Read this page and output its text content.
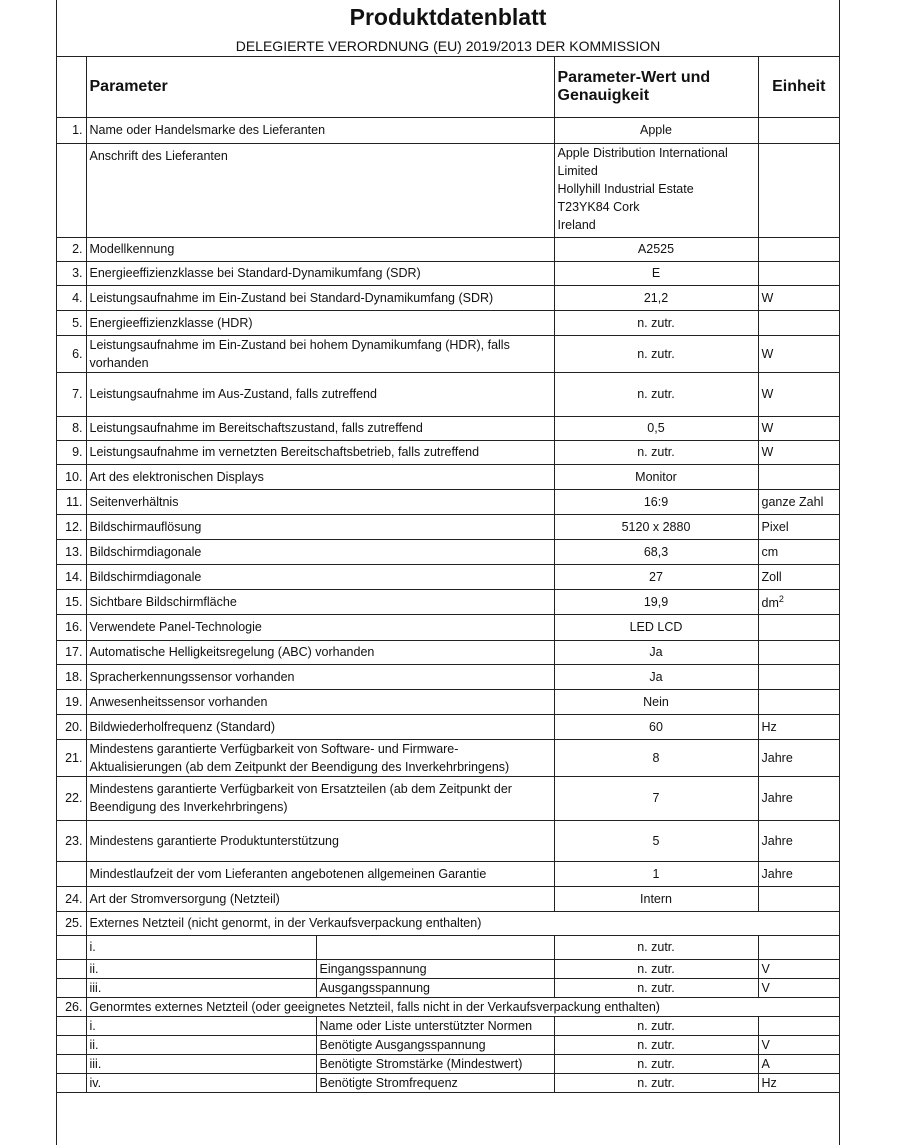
Produktdatenblatt
DELEGIERTE VERORDNUNG (EU) 2019/2013 DER KOMMISSION
	Parameter		Parameter-Wert und Genauigkeit	Einheit
1.	Name oder Handelsmarke des Lieferanten		Apple	
	Anschrift des Lieferanten		Apple Distribution International
Limited
Hollyhill Industrial Estate
T23YK84 Cork
Ireland	

2.	Modellkennung		A2525	
3.	Energieeffizienzklasse bei Standard-Dynamikumfang (SDR)		E	
4.	Leistungsaufnahme im Ein-Zustand bei Standard-Dynamikumfang (SDR)		21,2	W
5.	Energieeffizienzklasse (HDR)		n. zutr.	
6.	Leistungsaufnahme im Ein-Zustand bei hohem Dynamikumfang (HDR), falls vorhanden		n. zutr.	W
7.	Leistungsaufnahme im Aus-Zustand, falls zutreffend		n. zutr.	W
8.	Leistungsaufnahme im Bereitschaftszustand, falls zutreffend		0,5	W
9.	Leistungsaufnahme im vernetzten Bereitschaftsbetrieb, falls zutreffend		n. zutr.	W
10.	Art des elektronischen Displays		Monitor	
11.	Seitenverhältnis		16:9	ganze Zahl
12.	Bildschirmauflösung		5120 x 2880	Pixel
13.	Bildschirmdiagonale		68,3	cm
14.	Bildschirmdiagonale		27	Zoll
15.	Sichtbare Bildschirmfläche		19,9	$dm^2$
16.	Verwendete Panel-Technologie		LED LCD	
17.	Automatische Helligkeitsregelung (ABC) vorhanden		Ja	
18.	Spracherkennungssensor vorhanden		Ja	
19.	Anwesenheitssensor vorhanden		Nein	
20.	Bildwiederholfrequenz (Standard)		60	Hz
21.	Mindestens garantierte Verfügbarkeit von Software- und Firmware-Aktualisierungen (ab dem Zeitpunkt der Beendigung des Inverkehrbringens)		8	Jahre
22.	Mindestens garantierte Verfügbarkeit von Ersatzteilen (ab dem Zeitpunkt der Beendigung des Inverkehrbringens)		7	Jahre
23.	Mindestens garantierte Produktunterstützung		5	Jahre
	Mindestlaufzeit der vom Lieferanten angebotenen allgemeinen Garantie		1	Jahre
24.	Art der Stromversorgung (Netzteil)		Intern	
25.	Externes Netzteil (nicht genormt, in der Verkaufsverpackung enthalten)			
	i.		n. zutr.	
	ii.	Eingangsspannung	n. zutr.	V
	iii.	Ausgangsspannung	n. zutr.	V
26.	Genormtes externes Netzteil (oder geeignetes Netzteil, falls nicht in der Verkaufsverpackung enthalten)			
	i.	Name oder Liste unterstützter Normen	n. zutr.	
	ii.	Benötigte Ausgangsspannung	n. zutr.	V
	iii.	Benötigte Stromstärke (Mindestwert)	n. zutr.	A
	iv.	Benötigte Stromfrequenz	n. zutr.	Hz
